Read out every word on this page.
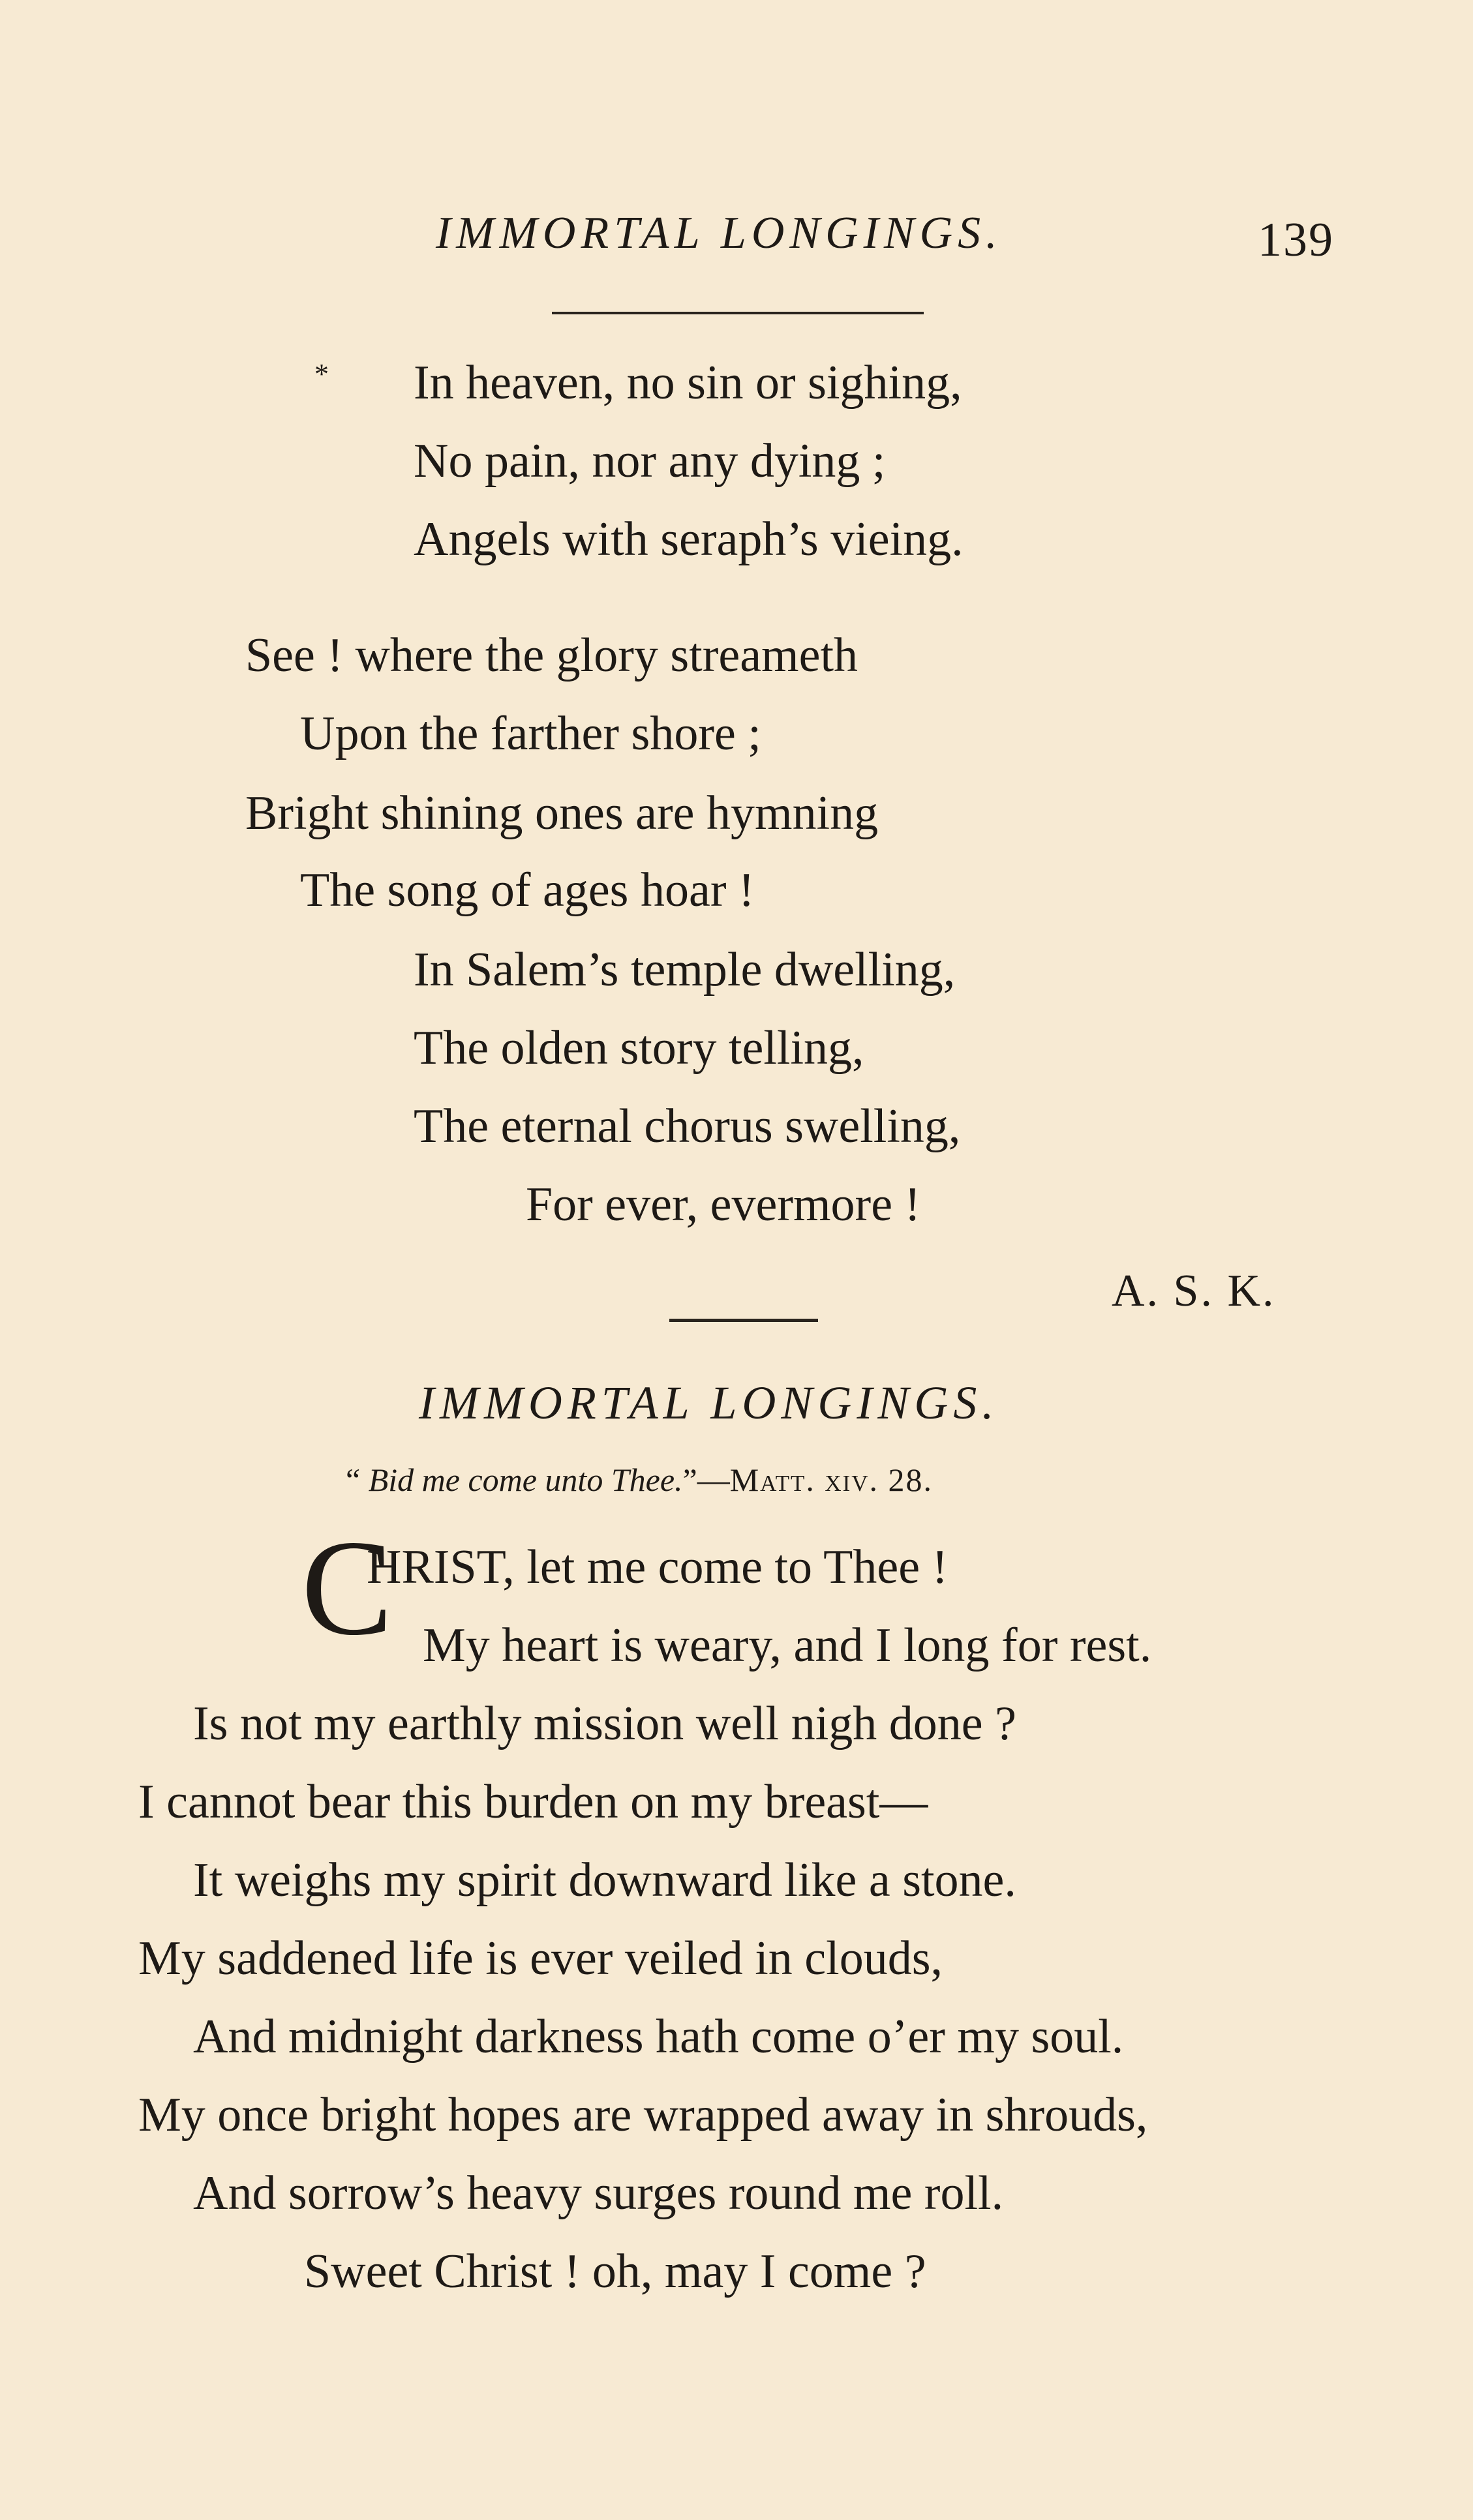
IMMORTAL LONGINGS.	139
* In heaven, no sin or sighing,
No pain, nor any dying ;
Angels with seraph’s vieing.
See ! where the glory streameth
Upon the farther shore ;
Bright shining ones are hymning
The song of ages hoar !
In Salem’s temple dwelling,
The olden story telling,
The eternal chorus swelling,
For ever, evermore !
A. S. K.
IMMORTAL LONGINGS.
“ Bid me come unto Thee.”—Matt. xiv. 28.
C
HRIST, let me come to Thee !
My heart is weary, and I long for rest.
Is not my earthly mission well nigh done ?
I cannot bear this burden on my breast—
It weighs my spirit downward like a stone.
My saddened life is ever veiled in clouds,
And midnight darkness hath come o’er my soul.
My once bright hopes are wrapped away in shrouds,
And sorrow’s heavy surges round me roll.
Sweet Christ ! oh, may I come ?
